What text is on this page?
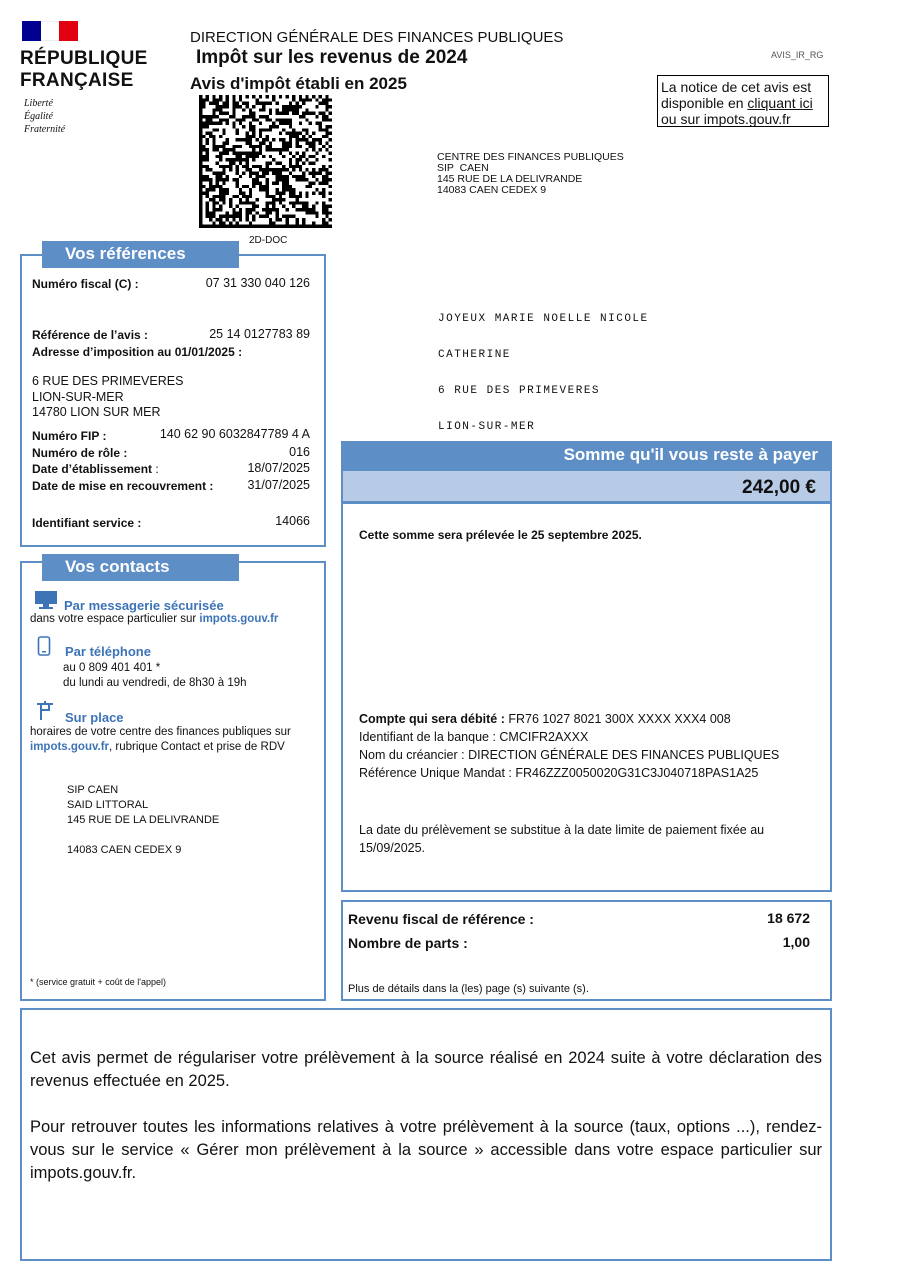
RÉPUBLIQUE
FRANÇAISE
Liberté
Égalité
Fraternité
DIRECTION GÉNÉRALE DES FINANCES PUBLIQUES
Impôt sur les revenus de 2024
Avis d'impôt établi en 2025
AVIS_IR_RG
La notice de cet avis est
disponible en cliquant ici
ou sur impots.gouv.fr
2D-DOC
CENTRE DES FINANCES PUBLIQUES
SIP  CAEN
145 RUE DE LA DELIVRANDE
14083 CAEN CEDEX 9

JOYEUX MARIE NOELLE NICOLE

CATHERINE

6 RUE DES PRIMEVERES

LION-SUR-MER

Vos références
Numéro fiscal (C) :	07 31 330 040 126
Référence de l’avis :	25 14 0127783 89
Adresse d’imposition au 01/01/2025 :
6 RUE DES PRIMEVERES
LION-SUR-MER
14780 LION SUR MER
Numéro FIP :	140 62 90 6032847789 4 A
Numéro de rôle :	016
Date d’établissement :	18/07/2025
Date de mise en recouvrement :	31/07/2025
Identifiant service :	14066
Vos contacts
Par messagerie sécurisée
dans votre espace particulier sur impots.gouv.fr
Par téléphone
au 0 809 401 401 *
du lundi au vendredi, de 8h30 à 19h
Sur place
horaires de votre centre des finances publiques sur
impots.gouv.fr, rubrique Contact et prise de RDV
SIP CAEN
SAID LITTORAL
145 RUE DE LA DELIVRANDE
14083 CAEN CEDEX 9
* (service gratuit + coût de l'appel)
Somme qu'il vous reste à payer
242,00 €
Cette somme sera prélevée le 25 septembre 2025.
Compte qui sera débité : FR76 1027 8021 300X XXXX XXX4 008
Identifiant de la banque : CMCIFR2AXXX
Nom du créancier : DIRECTION GÉNÉRALE DES FINANCES PUBLIQUES
Référence Unique Mandat : FR46ZZZ0050020G31C3J040718PAS1A25
La date du prélèvement se substitue à la date limite de paiement fixée au 15/09/2025.
Revenu fiscal de référence :	18 672
Nombre de parts :	1,00
Plus de détails dans la (les) page (s) suivante (s).
Cet avis permet de régulariser votre prélèvement à la source réalisé en 2024 suite à votre déclaration des revenus effectuée en 2025.
Pour retrouver toutes les informations relatives à votre prélèvement à la source (taux, options ...), rendez-vous sur le service « Gérer mon prélèvement à la source » accessible dans votre espace particulier sur impots.gouv.fr.
